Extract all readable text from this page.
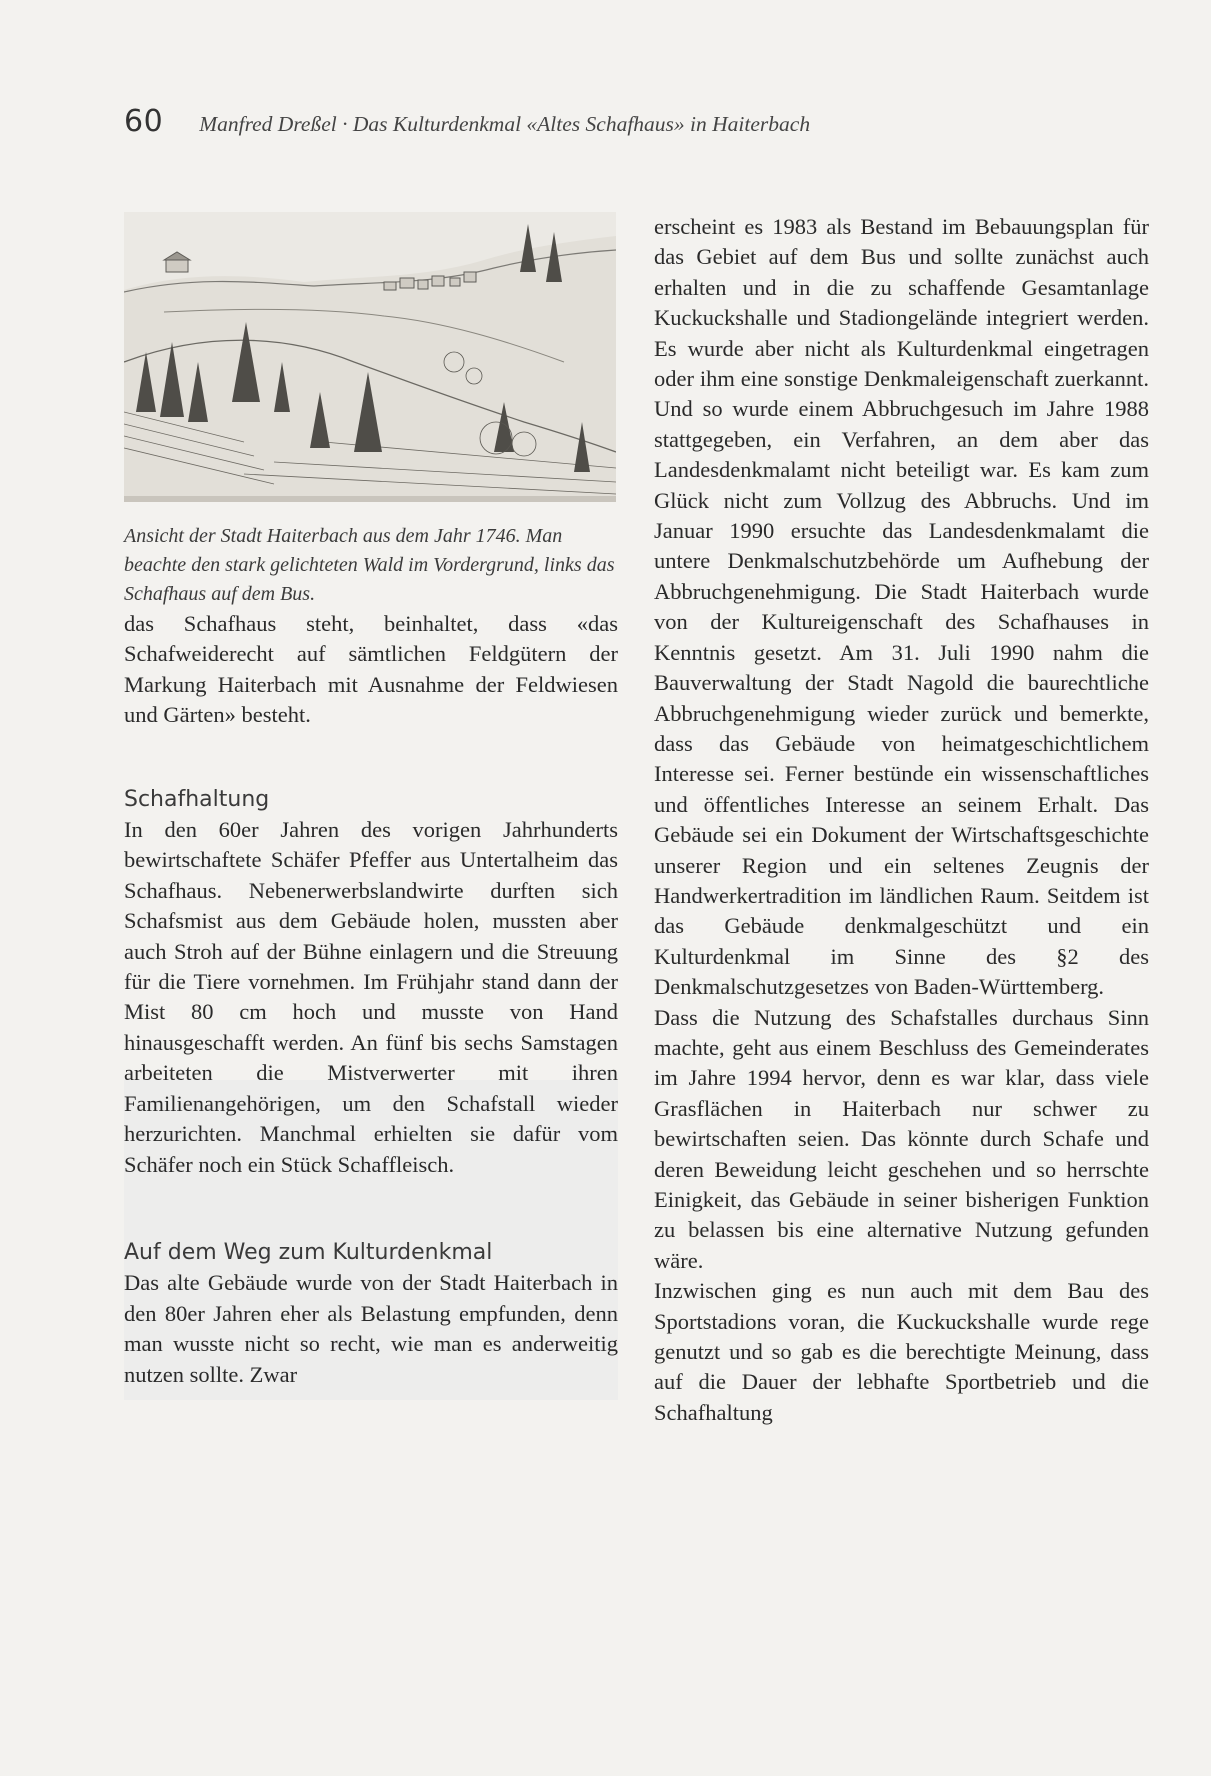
60 Manfred Dreßel · Das Kulturdenkmal «Altes Schafhaus» in Haiterbach
Ansicht der Stadt Haiterbach aus dem Jahr 1746. Man beachte den stark gelichteten Wald im Vordergrund, links das Schafhaus auf dem Bus.

das Schafhaus steht, beinhaltet, dass «das Schafweiderecht auf sämtlichen Feldgütern der Markung Haiterbach mit Ausnahme der Feldwiesen und Gärten» besteht.

Schafhaltung

In den 60er Jahren des vorigen Jahrhunderts bewirtschaftete Schäfer Pfeffer aus Untertalheim das Schafhaus. Nebenerwerbslandwirte durften sich Schafsmist aus dem Gebäude holen, mussten aber auch Stroh auf der Bühne einlagern und die Streuung für die Tiere vornehmen. Im Frühjahr stand dann der Mist 80 cm hoch und musste von Hand hinausgeschafft werden. An fünf bis sechs Samstagen arbeiteten die Mistverwerter mit ihren Familienangehörigen, um den Schafstall wieder herzurichten. Manchmal erhielten sie dafür vom Schäfer noch ein Stück Schaffleisch.

Auf dem Weg zum Kulturdenkmal

Das alte Gebäude wurde von der Stadt Haiterbach in den 80er Jahren eher als Belastung empfunden, denn man wusste nicht so recht, wie man es anderweitig nutzen sollte. Zwar

erscheint es 1983 als Bestand im Bebauungsplan für das Gebiet auf dem Bus und sollte zunächst auch erhalten und in die zu schaffende Gesamtanlage Kuckuckshalle und Stadiongelände integriert werden. Es wurde aber nicht als Kulturdenkmal eingetragen oder ihm eine sonstige Denkmaleigenschaft zuerkannt. Und so wurde einem Abbruchgesuch im Jahre 1988 stattgegeben, ein Verfahren, an dem aber das Landesdenkmalamt nicht beteiligt war. Es kam zum Glück nicht zum Vollzug des Abbruchs. Und im Januar 1990 ersuchte das Landesdenkmalamt die untere Denkmalschutzbehörde um Aufhebung der Abbruchgenehmigung. Die Stadt Haiterbach wurde von der Kultureigenschaft des Schafhauses in Kenntnis gesetzt. Am 31. Juli 1990 nahm die Bauverwaltung der Stadt Nagold die baurechtliche Abbruchgenehmigung wieder zurück und bemerkte, dass das Gebäude von heimatgeschichtlichem Interesse sei. Ferner bestünde ein wissenschaftliches und öffentliches Interesse an seinem Erhalt. Das Gebäude sei ein Dokument der Wirtschaftsgeschichte unserer Region und ein seltenes Zeugnis der Handwerkertradition im ländlichen Raum. Seitdem ist das Gebäude denkmalgeschützt und ein Kulturdenkmal im Sinne des §2 des Denkmalschutzgesetzes von Baden-Württemberg.

Dass die Nutzung des Schafstalles durchaus Sinn machte, geht aus einem Beschluss des Gemeinderates im Jahre 1994 hervor, denn es war klar, dass viele Grasflächen in Haiterbach nur schwer zu bewirtschaften seien. Das könnte durch Schafe und deren Beweidung leicht geschehen und so herrschte Einigkeit, das Gebäude in seiner bisherigen Funktion zu belassen bis eine alternative Nutzung gefunden wäre.

Inzwischen ging es nun auch mit dem Bau des Sportstadions voran, die Kuckuckshalle wurde rege genutzt und so gab es die berechtigte Meinung, dass auf die Dauer der lebhafte Sportbetrieb und die Schafhaltung
